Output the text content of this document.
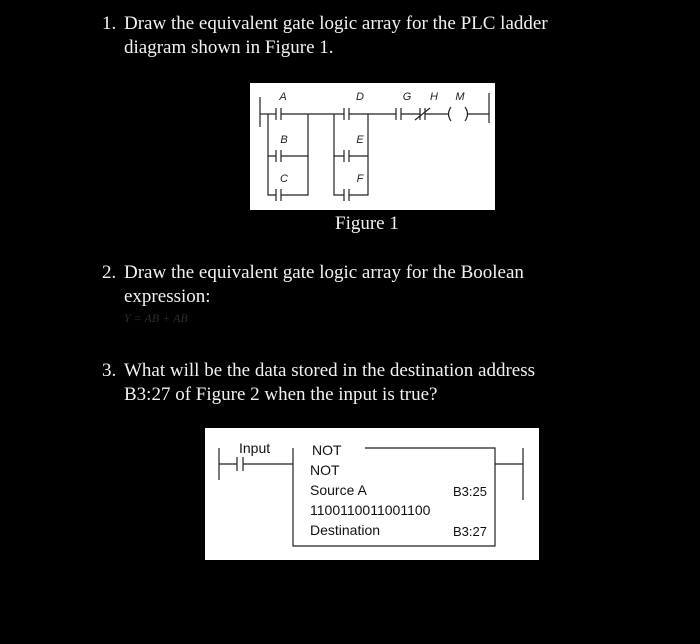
1. Draw the equivalent gate logic array for the PLC ladder
diagram shown in Figure 1.
A
B
C
D
E
F
G H M
Figure 1
2. Draw the equivalent gate logic array for the Boolean
expression:
Y = AB + AB
3. What will be the data stored in the destination address
B3:27 of Figure 2 when the input is true?
Input	NOT
NOT
Source A	B3:25
1100110011001100
Destination	B3:27
